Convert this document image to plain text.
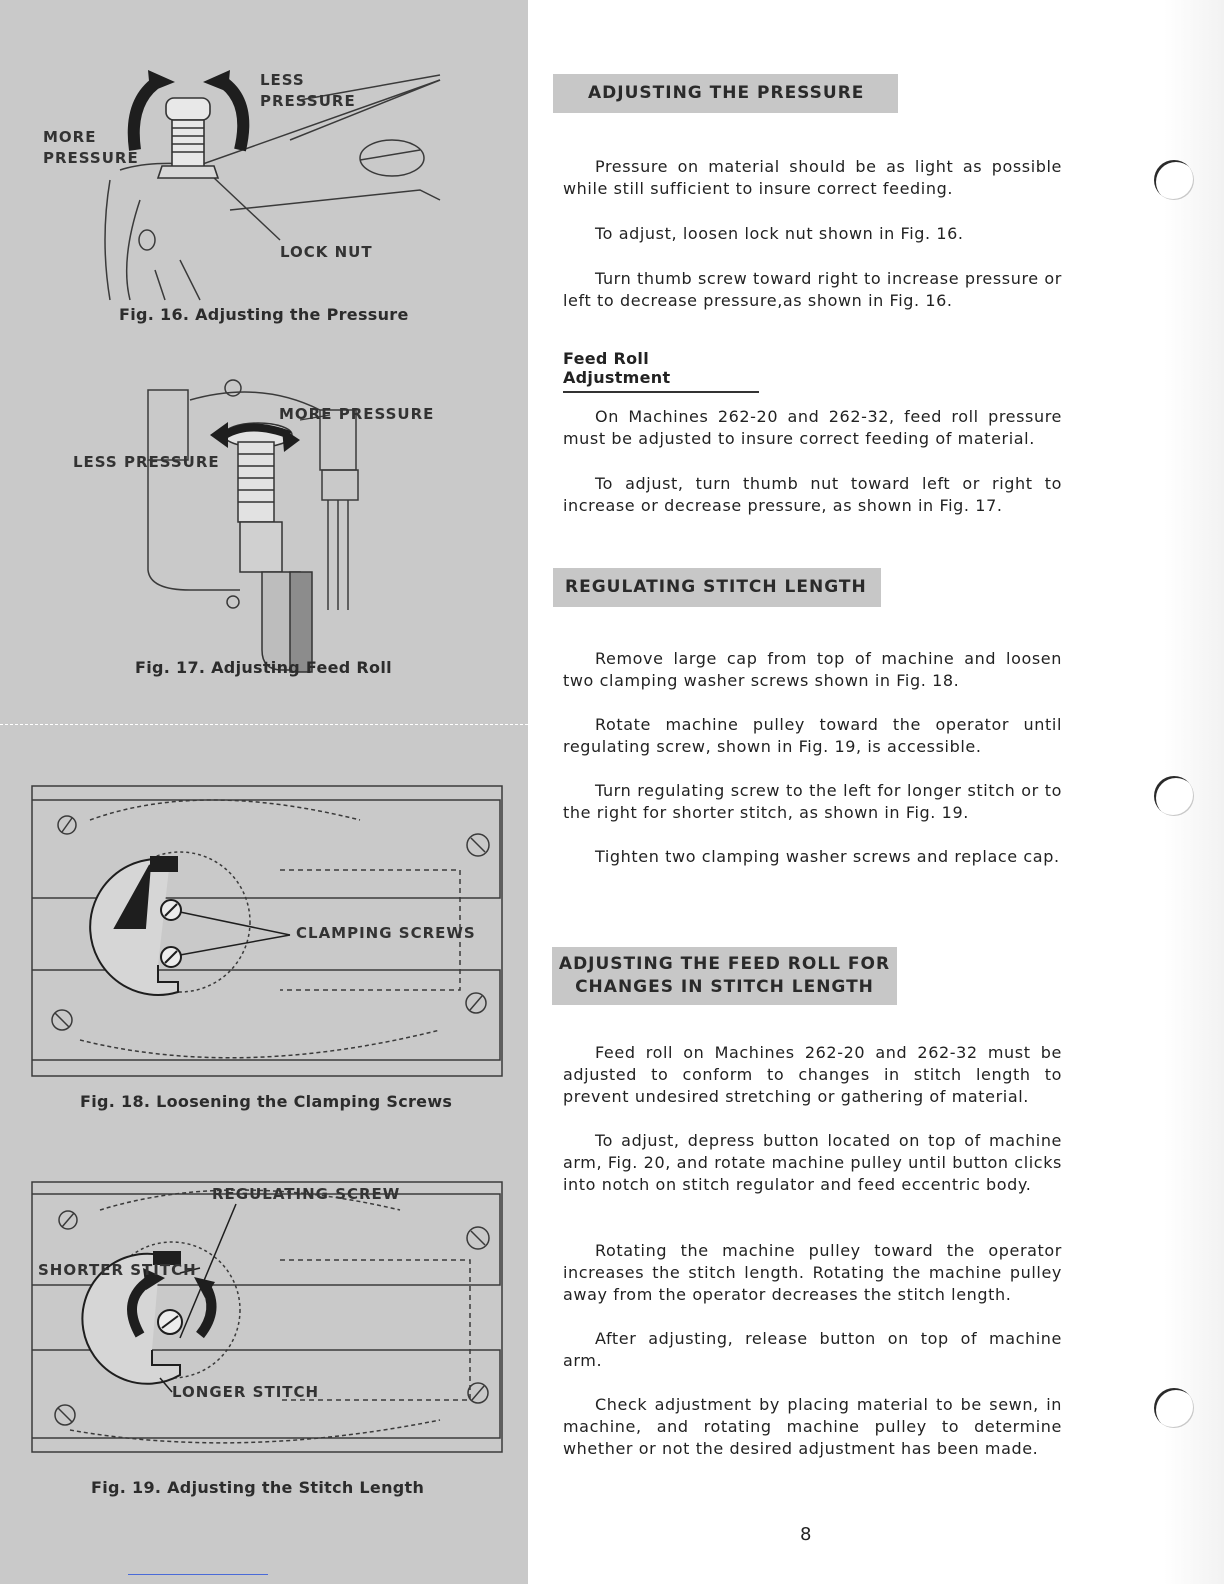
LESS
PRESSURE
MORE
PRESSURE
LOCK NUT
Fig. 16. Adjusting the Pressure
MORE PRESSURE
LESS PRESSURE
Fig. 17. Adjusting Feed Roll
CLAMPING SCREWS
Fig. 18. Loosening the Clamping Screws
REGULATING SCREW
SHORTER STITCH
LONGER STITCH
Fig. 19. Adjusting the Stitch Length
ADJUSTING THE PRESSURE

Pressure on material should be as light as possible while still sufficient to insure correct feeding.

To adjust, loosen lock nut shown in Fig. 16.

Turn thumb screw toward right to increase pressure or left to decrease pressure,as shown in Fig. 16.

Feed Roll Adjustment

On Machines 262-20 and 262-32, feed roll pressure must be adjusted to insure correct feeding of material.

To adjust, turn thumb nut toward left or right to increase or decrease pressure, as shown in Fig. 17.

REGULATING STITCH LENGTH

Remove large cap from top of machine and loosen two clamping washer screws shown in Fig. 18.

Rotate machine pulley toward the operator until regulating screw, shown in Fig. 19, is accessible.

Turn regulating screw to the left for longer stitch or to the right for shorter stitch, as shown in Fig. 19.

Tighten two clamping washer screws and replace cap.

ADJUSTING THE FEED ROLL FOR
CHANGES IN STITCH LENGTH

Feed roll on Machines 262-20 and 262-32 must be adjusted to conform to changes in stitch length to prevent undesired stretching or gathering of material.

To adjust, depress button located on top of machine arm, Fig. 20, and rotate machine pulley until button clicks into notch on stitch regulator and feed eccentric body.

Rotating the machine pulley toward the operator increases the stitch length. Rotating the machine pulley away from the operator decreases the stitch length.

After adjusting, release button on top of machine arm.

Check adjustment by placing material to be sewn, in machine, and rotating machine pulley to determine whether or not the desired adjustment has been made.

8
